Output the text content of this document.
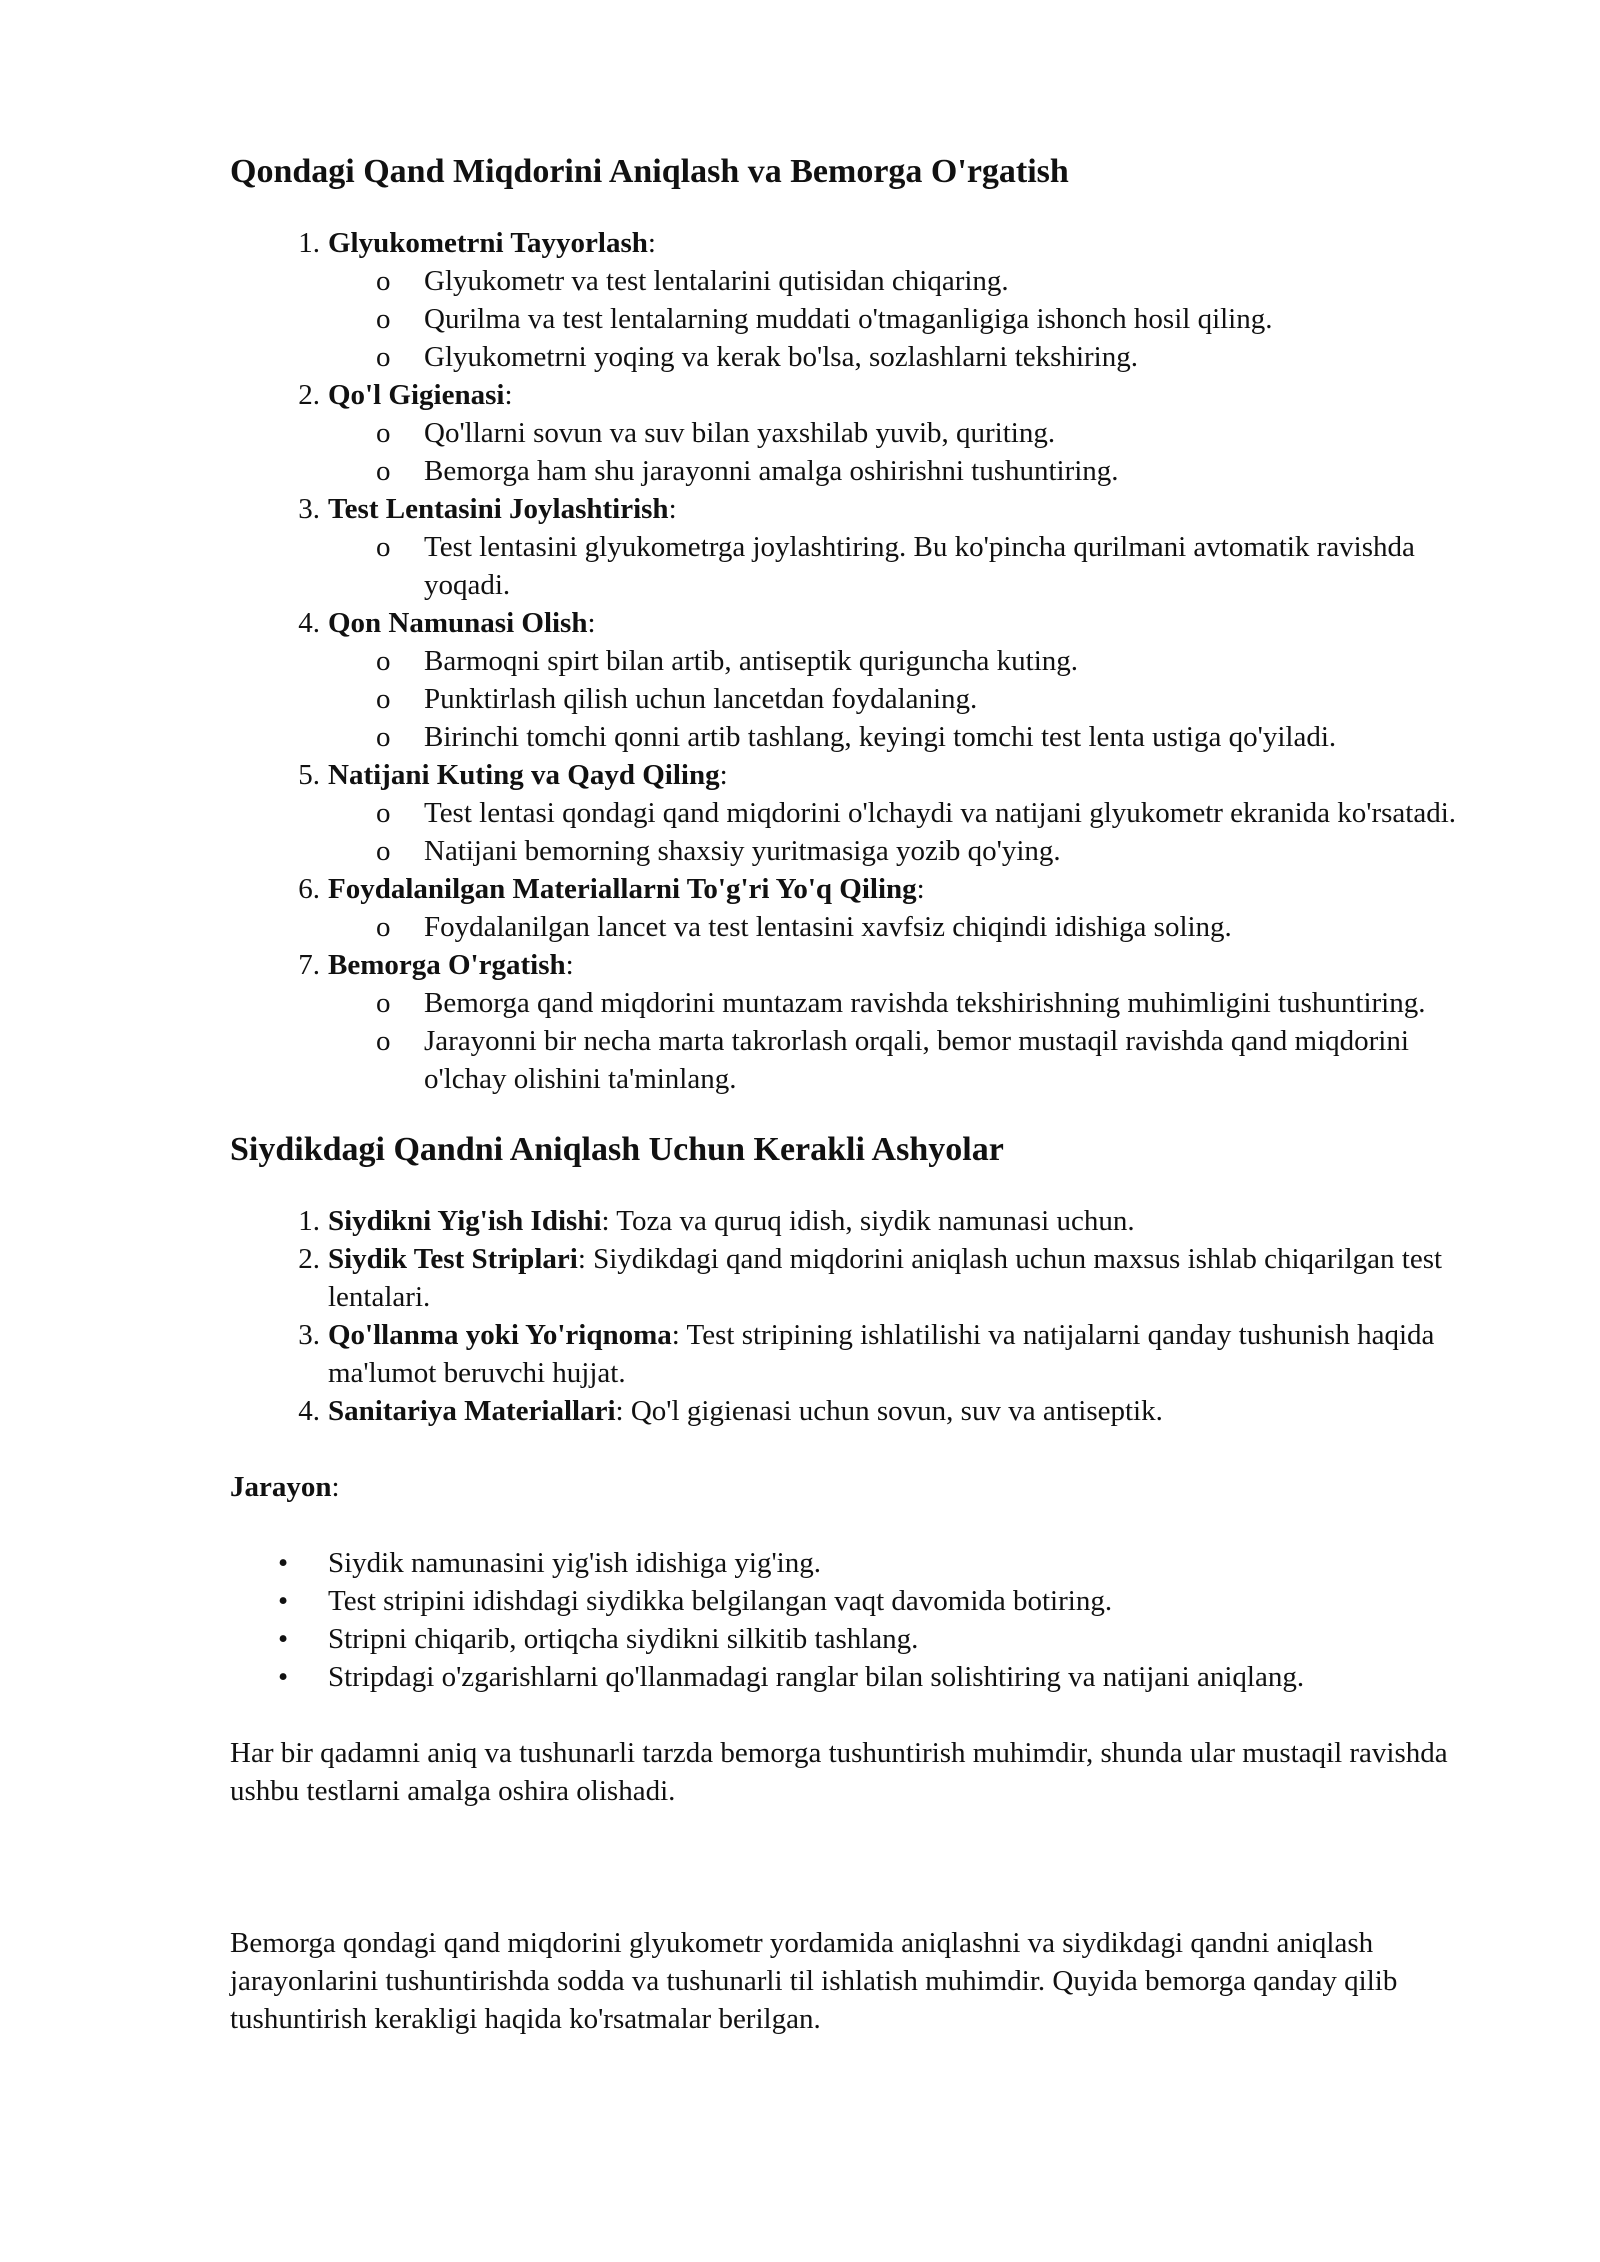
Qondagi Qand Miqdorini Aniqlash va Bemorga O'rgatish
1. Glyukometrni Tayyorlash:
o Glyukometr va test lentalarini qutisidan chiqaring.
o Qurilma va test lentalarning muddati o'tmaganligiga ishonch hosil qiling.
o Glyukometrni yoqing va kerak bo'lsa, sozlashlarni tekshiring.
2. Qo'l Gigienasi:
o Qo'llarni sovun va suv bilan yaxshilab yuvib, quriting.
o Bemorga ham shu jarayonni amalga oshirishni tushuntiring.
3. Test Lentasini Joylashtirish:
o Test lentasini glyukometrga joylashtiring. Bu ko'pincha qurilmani avtomatik ravishda yoqadi.
4. Qon Namunasi Olish:
o Barmoqni spirt bilan artib, antiseptik quriguncha kuting.
o Punktirlash qilish uchun lancetdan foydalaning.
o Birinchi tomchi qonni artib tashlang, keyingi tomchi test lenta ustiga qo'yiladi.
5. Natijani Kuting va Qayd Qiling:
o Test lentasi qondagi qand miqdorini o'lchaydi va natijani glyukometr ekranida ko'rsatadi.
o Natijani bemorning shaxsiy yuritmasiga yozib qo'ying.
6. Foydalanilgan Materiallarni To'g'ri Yo'q Qiling:
o Foydalanilgan lancet va test lentasini xavfsiz chiqindi idishiga soling.
7. Bemorga O'rgatish:
o Bemorga qand miqdorini muntazam ravishda tekshirishning muhimligini tushuntiring.
o Jarayonni bir necha marta takrorlash orqali, bemor mustaqil ravishda qand miqdorini o'lchay olishini ta'minlang.
Siydikdagi Qandni Aniqlash Uchun Kerakli Ashyolar
1. Siydikni Yig'ish Idishi: Toza va quruq idish, siydik namunasi uchun.
2. Siydik Test Striplari: Siydikdagi qand miqdorini aniqlash uchun maxsus ishlab chiqarilgan test lentalari.
3. Qo'llanma yoki Yo'riqnoma: Test stripining ishlatilishi va natijalarni qanday tushunish haqida ma'lumot beruvchi hujjat.
4. Sanitariya Materiallari: Qo'l gigienasi uchun sovun, suv va antiseptik.

Jarayon:

• Siydik namunasini yig'ish idishiga yig'ing.
• Test stripini idishdagi siydikka belgilangan vaqt davomida botiring.
• Stripni chiqarib, ortiqcha siydikni silkitib tashlang.
• Stripdagi o'zgarishlarni qo'llanmadagi ranglar bilan solishtiring va natijani aniqlang.

Har bir qadamni aniq va tushunarli tarzda bemorga tushuntirish muhimdir, shunda ular mustaqil ravishda ushbu testlarni amalga oshira olishadi.

Bemorga qondagi qand miqdorini glyukometr yordamida aniqlashni va siydikdagi qandni aniqlash jarayonlarini tushuntirishda sodda va tushunarli til ishlatish muhimdir. Quyida bemorga qanday qilib tushuntirish kerakligi haqida ko'rsatmalar berilgan.
